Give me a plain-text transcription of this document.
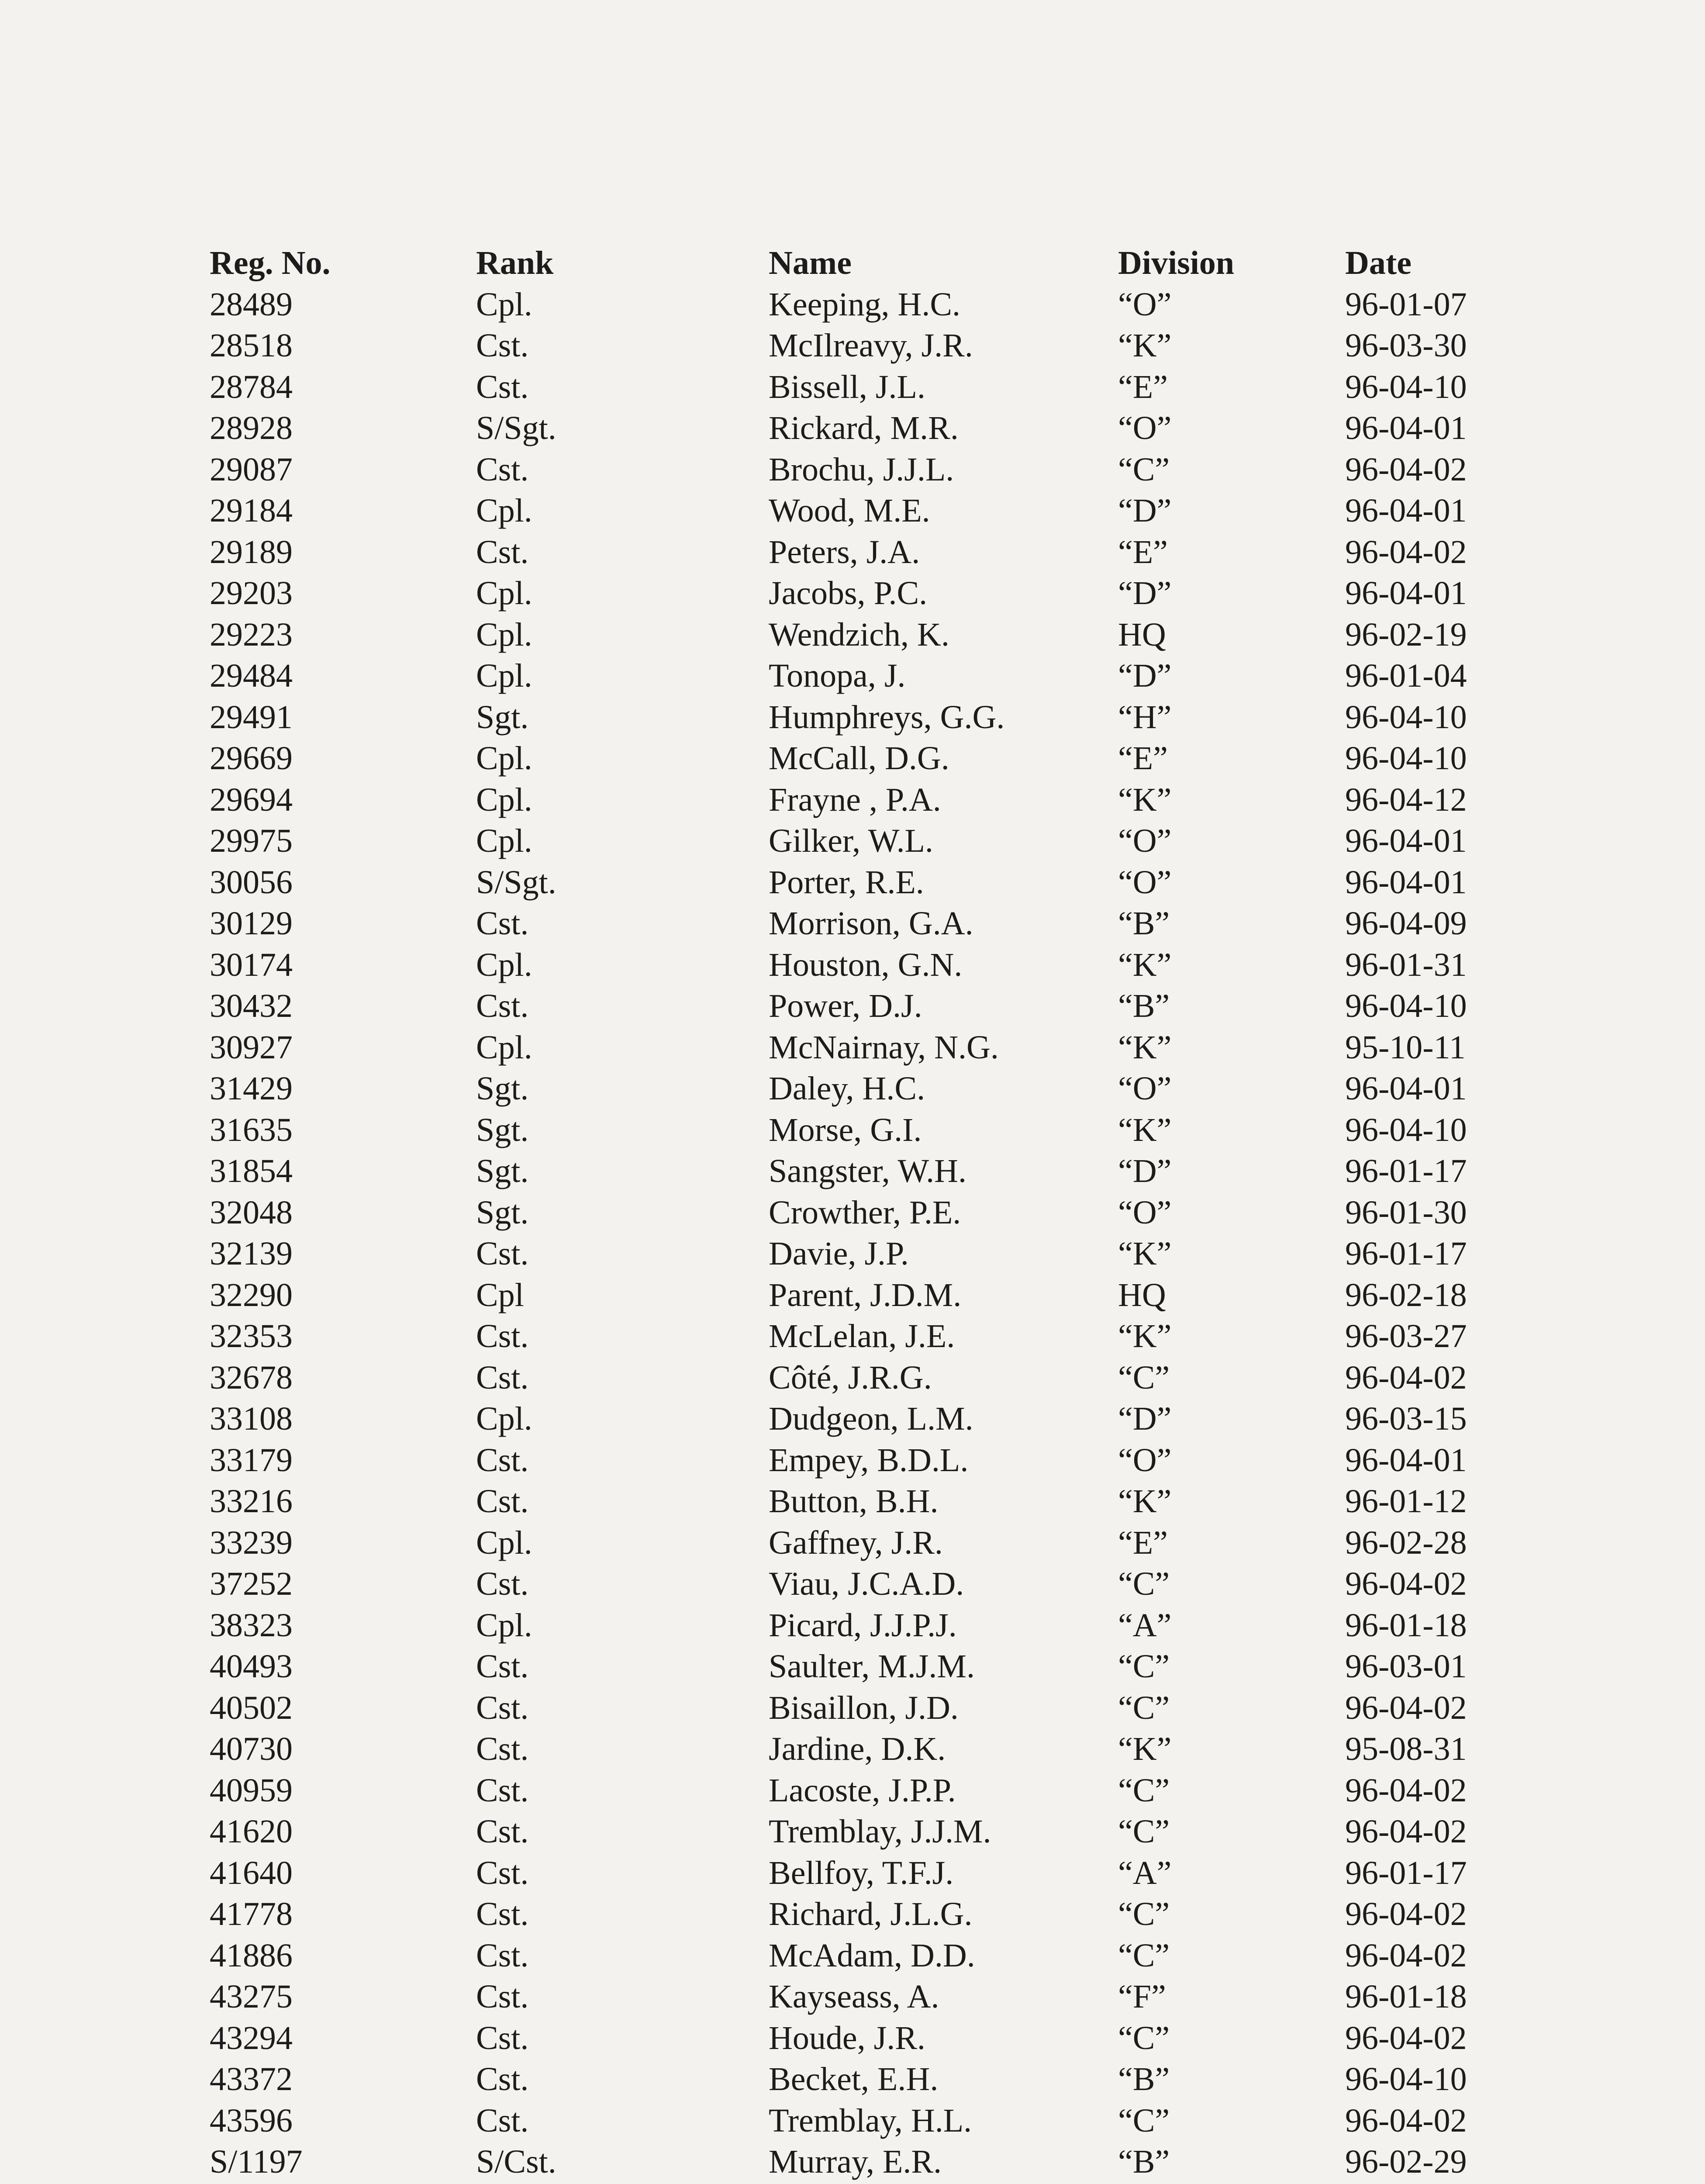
Reg. No.	Rank	Name	Division	Date
28489	Cpl.	Keeping, H.C.	“O”	96-01-07
28518	Cst.	McIlreavy, J.R.	“K”	96-03-30
28784	Cst.	Bissell, J.L.	“E”	96-04-10
28928	S/Sgt.	Rickard, M.R.	“O”	96-04-01
29087	Cst.	Brochu, J.J.L.	“C”	96-04-02
29184	Cpl.	Wood, M.E.	“D”	96-04-01
29189	Cst.	Peters, J.A.	“E”	96-04-02
29203	Cpl.	Jacobs, P.C.	“D”	96-04-01
29223	Cpl.	Wendzich, K.	HQ	96-02-19
29484	Cpl.	Tonopa, J.	“D”	96-01-04
29491	Sgt.	Humphreys, G.G.	“H”	96-04-10
29669	Cpl.	McCall, D.G.	“E”	96-04-10
29694	Cpl.	Frayne , P.A.	“K”	96-04-12
29975	Cpl.	Gilker, W.L.	“O”	96-04-01
30056	S/Sgt.	Porter, R.E.	“O”	96-04-01
30129	Cst.	Morrison, G.A.	“B”	96-04-09
30174	Cpl.	Houston, G.N.	“K”	96-01-31
30432	Cst.	Power, D.J.	“B”	96-04-10
30927	Cpl.	McNairnay, N.G.	“K”	95-10-11
31429	Sgt.	Daley, H.C.	“O”	96-04-01
31635	Sgt.	Morse, G.I.	“K”	96-04-10
31854	Sgt.	Sangster, W.H.	“D”	96-01-17
32048	Sgt.	Crowther, P.E.	“O”	96-01-30
32139	Cst.	Davie, J.P.	“K”	96-01-17
32290	Cpl	Parent, J.D.M.	HQ	96-02-18
32353	Cst.	McLelan, J.E.	“K”	96-03-27
32678	Cst.	Côté, J.R.G.	“C”	96-04-02
33108	Cpl.	Dudgeon, L.M.	“D”	96-03-15
33179	Cst.	Empey, B.D.L.	“O”	96-04-01
33216	Cst.	Button, B.H.	“K”	96-01-12
33239	Cpl.	Gaffney, J.R.	“E”	96-02-28
37252	Cst.	Viau, J.C.A.D.	“C”	96-04-02
38323	Cpl.	Picard, J.J.P.J.	“A”	96-01-18
40493	Cst.	Saulter, M.J.M.	“C”	96-03-01
40502	Cst.	Bisaillon, J.D.	“C”	96-04-02
40730	Cst.	Jardine, D.K.	“K”	95-08-31
40959	Cst.	Lacoste, J.P.P.	“C”	96-04-02
41620	Cst.	Tremblay, J.J.M.	“C”	96-04-02
41640	Cst.	Bellfoy, T.F.J.	“A”	96-01-17
41778	Cst.	Richard, J.L.G.	“C”	96-04-02
41886	Cst.	McAdam, D.D.	“C”	96-04-02
43275	Cst.	Kayseass, A.	“F”	96-01-18
43294	Cst.	Houde, J.R.	“C”	96-04-02
43372	Cst.	Becket, E.H.	“B”	96-04-10
43596	Cst.	Tremblay, H.L.	“C”	96-04-02
S/1197	S/Cst.	Murray, E.R.	“B”	96-02-29
